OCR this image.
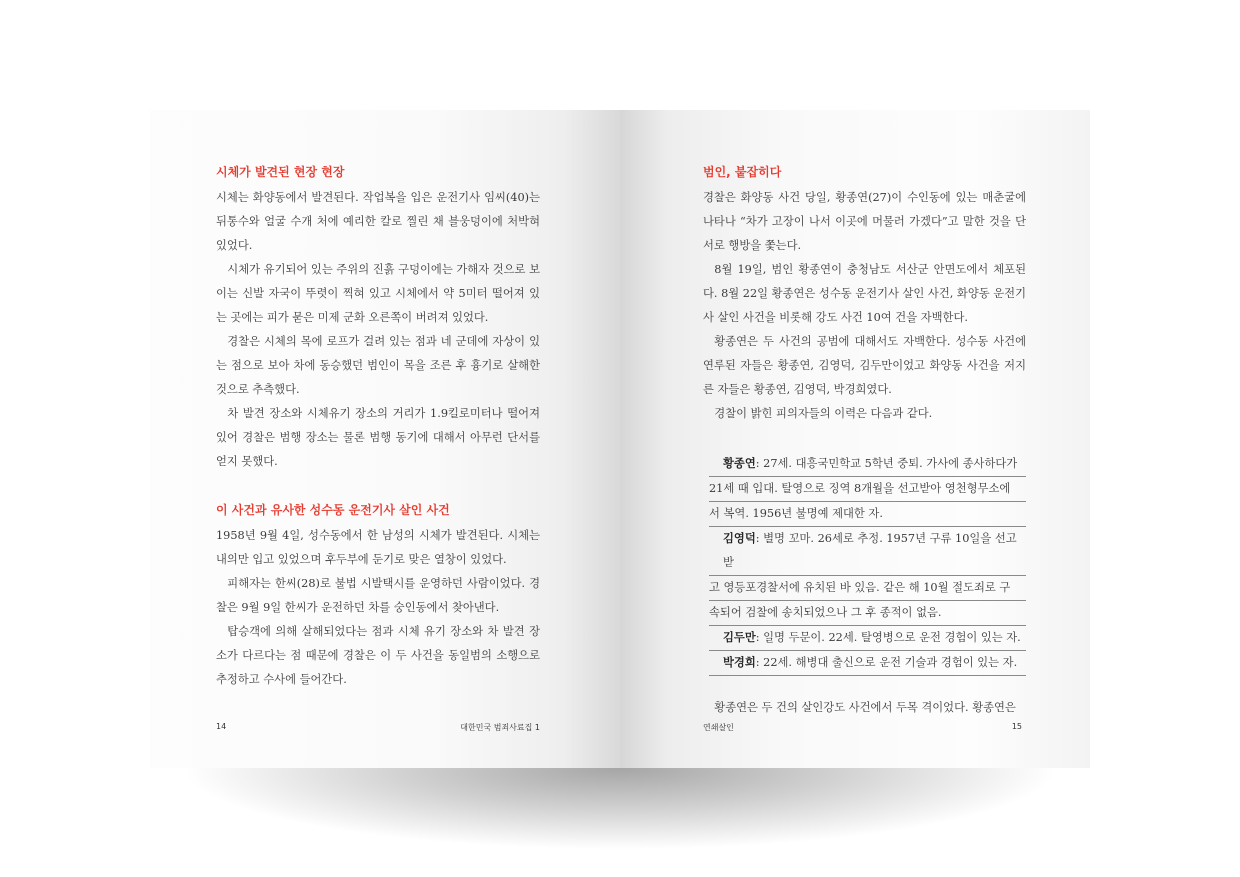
시체가 발견된 현장 현장

시체는 화양동에서 발견된다. 작업복을 입은 운전기사 임씨(40)는 뒤통수와 얼굴 수개 처에 예리한 칼로 찔린 채 블웅덩이에 처박혀 있었다.

시체가 유기되어 있는 주위의 진흙 구덩이에는 가해자 것으로 보이는 신발 자국이 뚜렷이 찍혀 있고 시체에서 약 5미터 떨어져 있는 곳에는 피가 묻은 미제 군화 오른쪽이 버려져 있었다.

경찰은 시체의 목에 로프가 걸려 있는 점과 네 군데에 자상이 있는 점으로 보아 차에 동승했던 범인이 목을 조른 후 흉기로 살해한 것으로 추측했다.

차 발견 장소와 시체유기 장소의 거리가 1.9킬로미터나 떨어져 있어 경찰은 범행 장소는 물론 범행 동기에 대해서 아무런 단서를 얻지 못했다.

이 사건과 유사한 성수동 운전기사 살인 사건

1958년 9월 4일, 성수동에서 한 남성의 시체가 발견된다. 시체는 내의만 입고 있었으며 후두부에 둔기로 맞은 열창이 있었다.

피해자는 한씨(28)로 불법 시발택시를 운영하던 사람이었다. 경찰은 9월 9일 한씨가 운전하던 차를 숭인동에서 찾아낸다.

탑승객에 의해 살해되었다는 점과 시체 유기 장소와 차 발견 장소가 다르다는 점 때문에 경찰은 이 두 사건을 동일범의 소행으로 추정하고 수사에 들어간다.

14	대한민국 범죄사료집 1
범인, 붙잡히다

경찰은 화양동 사건 당일, 황종연(27)이 수인동에 있는 매춘굴에 나타나 “차가 고장이 나서 이곳에 머물러 가겠다”고 말한 것을 단서로 행방을 쫓는다.

8월 19일, 범인 황종연이 충청남도 서산군 안면도에서 체포된다. 8월 22일 황종연은 성수동 운전기사 살인 사건, 화양동 운전기사 살인 사건을 비롯해 강도 사건 10여 건을 자백한다.

황종연은 두 사건의 공범에 대해서도 자백한다. 성수동 사건에 연루된 자들은 황종연, 김영덕, 김두만이었고 화양동 사건을 저지른 자들은 황종연, 김영덕, 박경희였다.

경찰이 밝힌 피의자들의 이력은 다음과 같다.

황종연: 27세. 대흥국민학교 5학년 중퇴. 가사에 종사하다가
21세 때 입대. 탈영으로 징역 8개월을 선고받아 영천형무소에
서 복역. 1956년 불명예 제대한 자.
김영덕: 별명 꼬마. 26세로 추정. 1957년 구류 10일을 선고받
고 영등포경찰서에 유치된 바 있음. 같은 해 10월 절도죄로 구
속되어 검찰에 송치되었으나 그 후 종적이 없음.
김두만: 일명 두문이. 22세. 탈영병으로 운전 경험이 있는 자.
박경희: 22세. 해병대 출신으로 운전 기술과 경험이 있는 자.

황종연은 두 건의 살인강도 사건에서 두목 격이었다. 황종연은

연쇄살인	15
